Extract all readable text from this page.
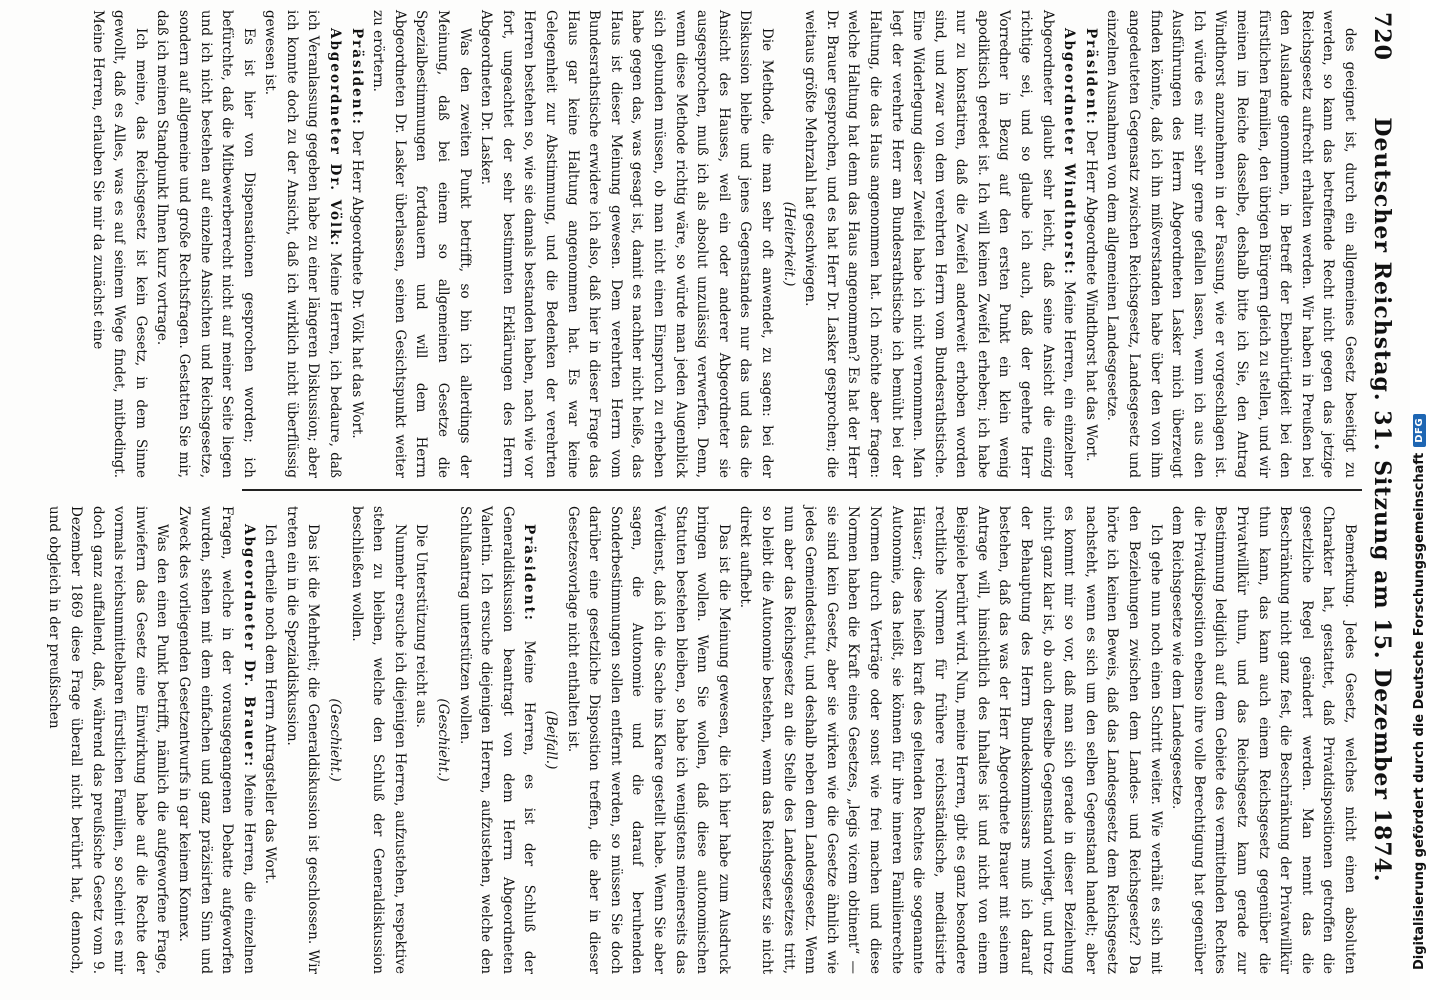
720
Deutscher Reichstag. 31. Sitzung am 15. Dezember 1874.

des geeignet ist, durch ein allgemeines Gesetz beseitigt zu werden, so kann das betreffende Recht nicht gegen das jetzige Reichsgesetz aufrecht erhalten werden. Wir haben in Preußen bei den Auslande genommen, in Betreff der Ebenbürtigkeit bei den fürstlichen Familien, den übrigen Bürgern gleich zu stellen, und wir meinen im Reiche dasselbe, deshalb bitte ich Sie, den Antrag Windthorst anzunehmen in der Fassung, wie er vorgeschlagen ist. Ich würde es mir sehr gerne gefallen lassen, wenn ich aus den Ausführungen des Herrn Abgeordneten Lasker mich überzeugt finden könnte, daß ich ihn mißverstanden habe über den von ihm angedeuteten Gegensatz zwischen Reichsgesetz, Landesgesetz und einzelnen Ausnahmen von dem allgemeinen Landesgesetze.

Präsident: Der Herr Abgeordnete Windthorst hat das Wort.

Abgeordneter Windthorst: Meine Herren, ein einzelner Abgeordneter glaubt sehr leicht, daß seine Ansicht die einzig richtige sei, und so glaube ich auch, daß der geehrte Herr Vorredner in Bezug auf den ersten Punkt ein klein wenig apodiktisch geredet ist. Ich will keinen Zweifel erheben; ich habe nur zu konstatiren, daß die Zweifel anderweit erhoben worden sind, und zwar von dem verehrten Herrn vom Bundesrathstische. Eine Widerlegung dieser Zweifel habe ich nicht vernommen. Man legt der verehrte Herr am Bundesrathstische ich bemüht bei der Haltung, die das Haus angenommen hat. Ich möchte aber fragen: welche Haltung hat denn das Haus angenommen? Es hat der Herr Dr. Brauer gesprochen, und es hat Herr Dr. Lasker gesprochen; die weitaus größte Mehrzahl hat geschwiegen.

(Heiterkeit.)

Die Methode, die man sehr oft anwendet, zu sagen: bei der Diskussion bleibe und jenes Gegenstandes nur das und das die Ansicht des Hauses, weil ein oder anderer Abgeordneter sie ausgesprochen, muß ich als absolut unzulässig verwerfen. Denn, wenn diese Methode richtig wäre, so würde man jeden Augenblick sich gebunden müssen, ob man nicht einen Einspruch zu erheben habe gegen das, was gesagt ist, damit es nachher nicht heiße, das Haus ist dieser Meinung gewesen. Dem verehrten Herrn vom Bundesrathstische erwidere ich also, daß hier in dieser Frage das Haus gar keine Haltung angenommen hat. Es war keine Gelegenheit zur Abstimmung, und die Bedenken der verehrten Herren bestehen so, wie sie damals bestanden haben, nach wie vor fort, ungeachtet der sehr bestimmten Erklärungen des Herrn Abgeordneten Dr. Lasker.

Was den zweiten Punkt betrifft, so bin ich allerdings der Meinung, daß bei einem so allgemeinen Gesetze die Spezialbestimmungen fortdauern und will dem Herrn Abgeordneten Dr. Lasker überlassen, seinen Gesichtspunkt weiter zu erörtern.

Präsident: Der Herr Abgeordnete Dr. Völk hat das Wort.

Abgeordneter Dr. Völk: Meine Herren, ich bedaure, daß ich Veranlassung gegeben habe zu einer längeren Diskussion; aber ich konnte doch zu der Ansicht, daß ich wirklich nicht überflüssig gewesen ist.

Es ist hier von Dispensationen gesprochen worden; ich befürchte, daß die Mitbewerberrecht nicht auf meiner Seite liegen und ich nicht bestehen auf einzelne Ansichten und Reichsgesetze, sondern auf allgemeine und große Rechtsfragen. Gestatten Sie mir, daß ich meinen Standpunkt Ihnen kurz vortrage.

Ich meine, das Reichsgesetz ist kein Gesetz, in dem Sinne gewollt, daß es Alles, was es auf seinem Wege findet, mitbedingt. Meine Herren, erlauben Sie mir da zunächst eine

Bemerkung. Jedes Gesetz, welches nicht einen absoluten Charakter hat, gestattet, daß Privatdispositionen getroffen die gesetzliche Regel geändert werden. Man nennt das die Beschränkung nicht ganz fest, die Beschränkung der Privatwillkür thun kann, das kann auch einem Reichsgesetz gegenüber die Privatwillkür thun, und das Reichsgesetz kann gerade zur Bestimmung lediglich auf dem Gebiete des vermittelnden Rechtes die Privatdisposition ebenso ihre volle Berechtigung hat gegenüber dem Reichsgesetze wie dem Landesgesetze.

Ich gehe nun noch einen Schritt weiter. Wie verhält es sich mit den Beziehungen zwischen dem Landes- und Reichsgesetz? Da hörte ich keinen Beweis, daß das Landesgesetz dem Reichsgesetz nachsteht, wenn es sich um den selben Gegenstand handelt; aber es kommt mir so vor, daß man sich gerade in dieser Beziehung nicht ganz klar ist, ob auch derselbe Gegenstand vorliegt, und trotz der Behauptung des Herrn Bundeskommissars muß ich darauf bestehen, daß das was der Herr Abgeordnete Brauer mit seinem Antrage will, hinsichtlich des Inhaltes ist und nicht von einem Beispiele berührt wird. Nun, meine Herren, gibt es ganz besondere rechtliche Normen für frühere reichsständische, mediatisirte Häuser; diese heißen kraft des geltenden Rechtes die sogenannte Autonomie, das heißt, sie können für ihre inneren Familienrechte Normen durch Verträge oder sonst wie frei machen und diese Normen haben die Kraft eines Gesetzes, „legis vicem obtinent“ — sie sind kein Gesetz, aber sie wirken wie die Gesetze ähnlich wie jedes Gemeindestatut, und deshalb neben dem Landesgesetz. Wenn nun aber das Reichsgesetz an die Stelle des Landesgesetzes tritt, so bleibt die Autonomie bestehen, wenn das Reichsgesetz sie nicht direkt aufhebt.

Das ist die Meinung gewesen, die ich hier habe zum Ausdruck bringen wollen. Wenn Sie wollen, daß diese autonomischen Statuten bestehen bleiben, so habe ich wenigstens meinerseits das Verdienst, daß ich die Sache ins Klare gestellt habe. Wenn Sie aber sagen, die Autonomie und die darauf beruhenden Sonderbestimmungen sollen entfernt werden, so müssen Sie doch darüber eine gesetzliche Disposition treffen, die aber in dieser Gesetzesvorlage nicht enthalten ist.

(Beifall.)

Präsident: Meine Herren, es ist der Schluß der Generaldiskussion beantragt von dem Herrn Abgeordneten Valentin. Ich ersuche diejenigen Herren, aufzustehen, welche den Schlußantrag unterstützen wollen.

(Geschieht.)

Die Unterstützung reicht aus.

Nunmehr ersuche ich diejenigen Herren, aufzustehen, respektive stehen zu bleiben, welche den Schluß der Generaldiskussion beschließen wollen.

(Geschieht.)

Das ist die Mehrheit; die Generaldiskussion ist geschlossen. Wir treten ein in die Spezialdiskussion.

Ich ertheile noch dem Herrn Antragsteller das Wort.

Abgeordneter Dr. Brauer: Meine Herren, die einzelnen Fragen, welche in der vorausgegangenen Debatte aufgeworfen wurden, stehen mit dem einfachen und ganz präzisirten Sinn und Zweck des vorliegenden Gesetzentwurfs in gar keinem Konnex.

Was den einen Punkt betrifft, nämlich die aufgeworfene Frage, inwiefern das Gesetz eine Einwirkung habe auf die Rechte der vormals reichsunmittelbaren fürstlichen Familien, so scheint es mir doch ganz auffallend, daß, während das preußische Gesetz vom 9. Dezember 1869 diese Frage überall nicht berührt hat, dennoch, und obgleich in der preußischen	Digitalisierung gefördert durch die Deutsche Forschungsgemeinschaft
DFG
